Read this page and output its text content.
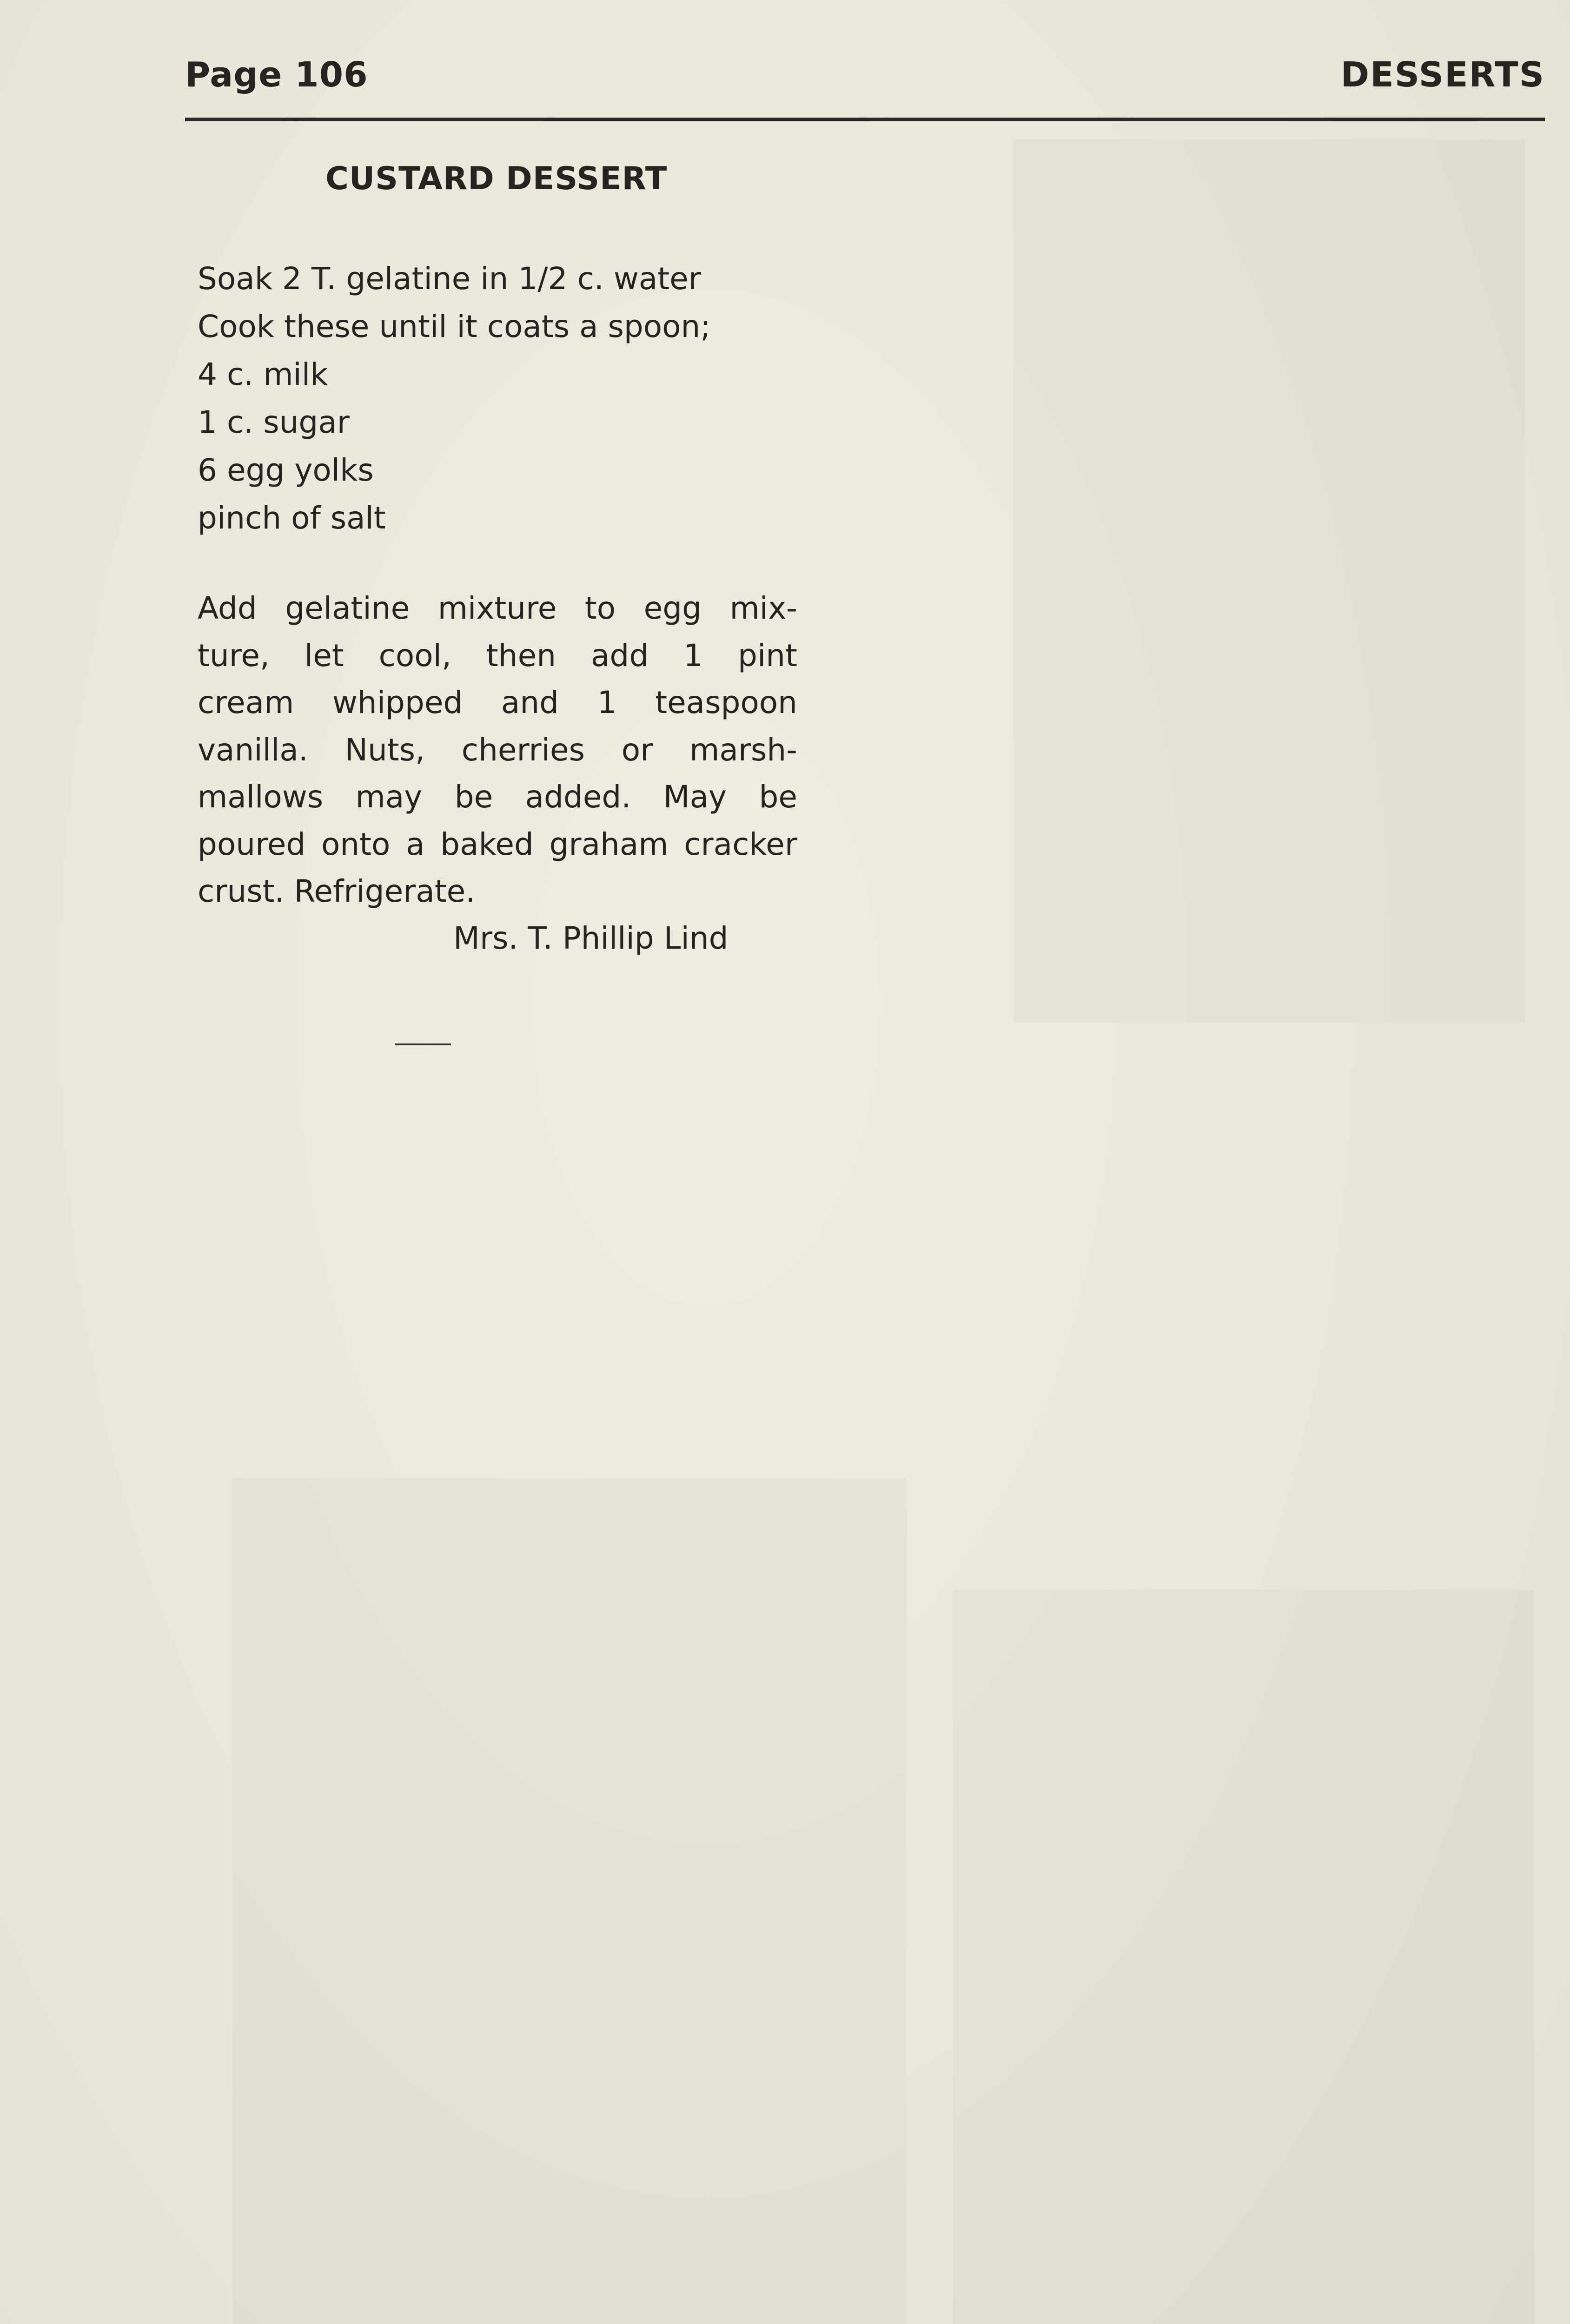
Page 106	DESSERTS
CUSTARD DESSERT
Soak 2 T. gelatine in 1/2 c. water
Cook these until it coats a spoon;
4 c. milk
1 c. sugar
6 egg yolks
pinch of salt
Add gelatine mixture to egg mix-
ture, let cool, then add 1 pint
cream whipped and 1 teaspoon
vanilla. Nuts, cherries or marsh-
mallows may be added. May be
poured onto a baked graham cracker
crust. Refrigerate.
Mrs. T. Phillip Lind
